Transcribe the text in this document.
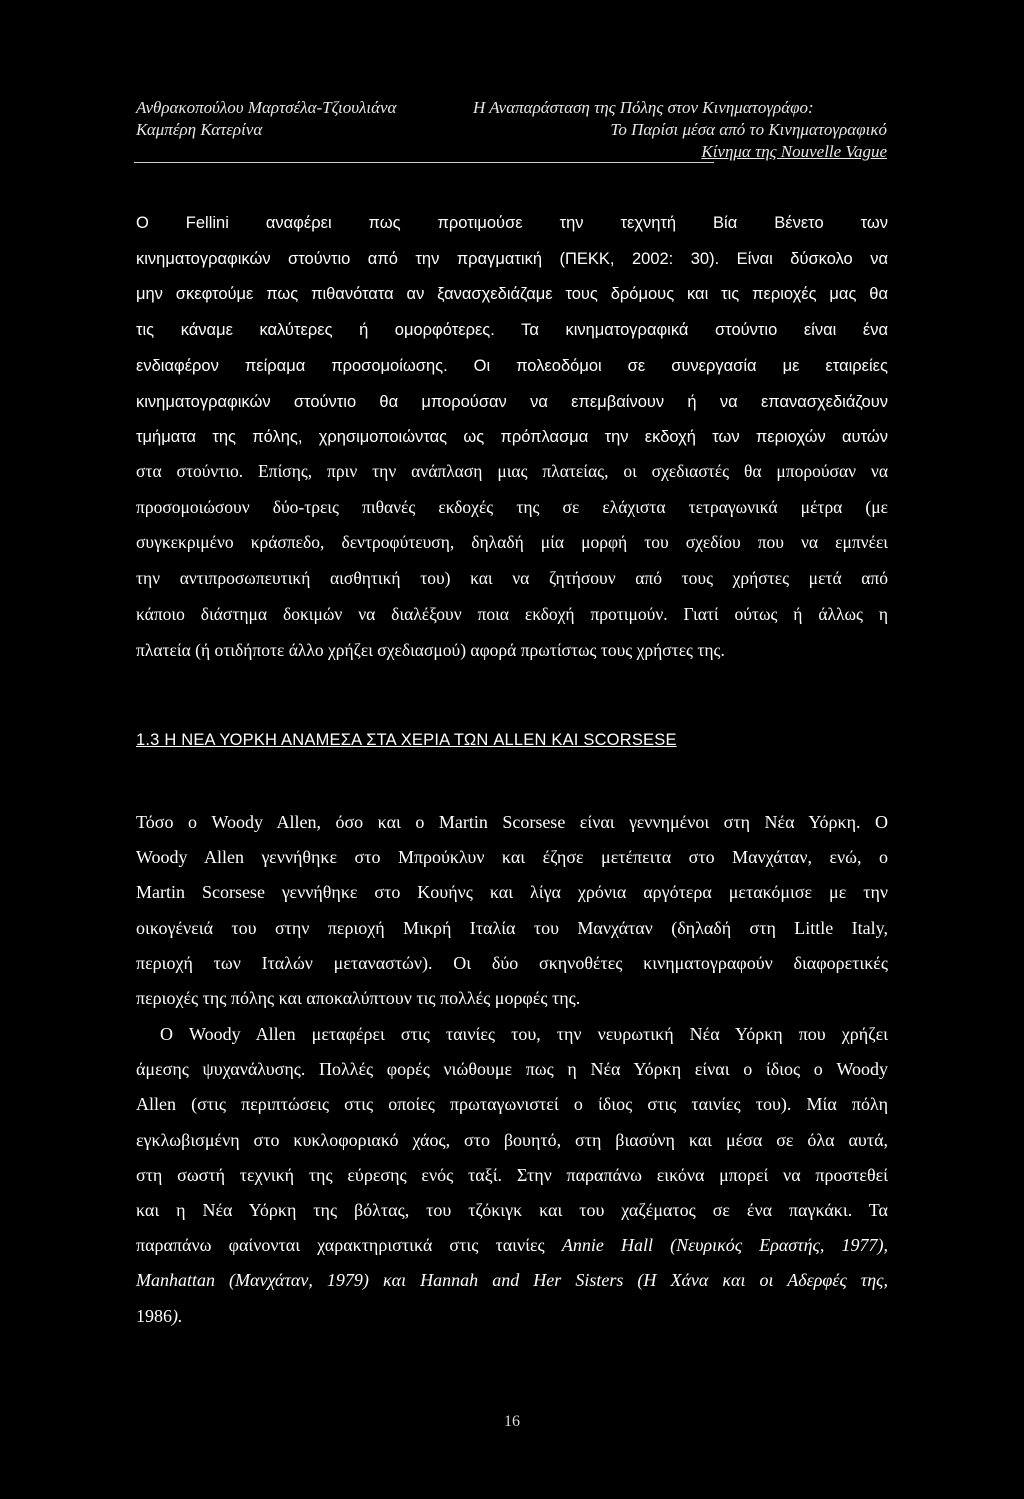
Ανθρακοπούλου Μαρτσέλα-Τζιουλιάνα
Καμπέρη Κατερίνα
Η Αναπαράσταση της Πόλης στον Κινηματογράφο:
Το Παρίσι μέσα από το Κινηματογραφικό
Κίνημα της Nouvelle Vague
Ο Fellini αναφέρει πως προτιμούσε την τεχνητή Βία Βένετο των
κινηματογραφικών στούντιο από την πραγματική (ΠΕΚΚ, 2002: 30). Είναι δύσκολο να
μην σκεφτούμε πως πιθανότατα αν ξανασχεδιάζαμε τους δρόμους και τις περιοχές μας θα
τις κάναμε καλύτερες ή ομορφότερες. Τα κινηματογραφικά στούντιο είναι ένα
ενδιαφέρον πείραμα προσομοίωσης. Οι πολεοδόμοι σε συνεργασία με εταιρείες
κινηματογραφικών στούντιο θα μπορούσαν να επεμβαίνουν ή να επανασχεδιάζουν
τμήματα της πόλης, χρησιμοποιώντας ως πρόπλασμα την εκδοχή των περιοχών αυτών
στα στούντιο. Επίσης, πριν την ανάπλαση μιας πλατείας, οι σχεδιαστές θα μπορούσαν να
προσομοιώσουν δύο-τρεις πιθανές εκδοχές της σε ελάχιστα τετραγωνικά μέτρα (με
συγκεκριμένο κράσπεδο, δεντροφύτευση, δηλαδή μία μορφή του σχεδίου που να εμπνέει
την αντιπροσωπευτική αισθητική του) και να ζητήσουν από τους χρήστες μετά από
κάποιο διάστημα δοκιμών να διαλέξουν ποια εκδοχή προτιμούν. Γιατί ούτως ή άλλως η
πλατεία (ή οτιδήποτε άλλο χρήζει σχεδιασμού) αφορά πρωτίστως τους χρήστες της.
1.3 Η ΝΕΑ ΥΟΡΚΗ ΑΝΑΜΕΣΑ ΣΤΑ ΧΕΡΙΑ ΤΩΝ ALLEN ΚΑΙ SCORSESE
Τόσο ο Woody Allen, όσο και ο Martin Scorsese είναι γεννημένοι στη Νέα Υόρκη. Ο
Woody Allen γεννήθηκε στο Μπρούκλυν και έζησε μετέπειτα στο Μανχάταν, ενώ, ο
Martin Scorsese γεννήθηκε στο Κουήνς και λίγα χρόνια αργότερα μετακόμισε με την
οικογένειά του στην περιοχή Μικρή Ιταλία του Μανχάταν (δηλαδή στη Little Italy,
περιοχή των Ιταλών μεταναστών). Οι δύο σκηνοθέτες κινηματογραφούν διαφορετικές
περιοχές της πόλης και αποκαλύπτουν τις πολλές μορφές της.
Ο Woody Allen μεταφέρει στις ταινίες του, την νευρωτική Νέα Υόρκη που χρήζει
άμεσης ψυχανάλυσης. Πολλές φορές νιώθουμε πως η Νέα Υόρκη είναι ο ίδιος ο Woody
Allen (στις περιπτώσεις στις οποίες πρωταγωνιστεί ο ίδιος στις ταινίες του). Μία πόλη
εγκλωβισμένη στο κυκλοφοριακό χάος, στο βουητό, στη βιασύνη και μέσα σε όλα αυτά,
στη σωστή τεχνική της εύρεσης ενός ταξί. Στην παραπάνω εικόνα μπορεί να προστεθεί
και η Νέα Υόρκη της βόλτας, του τζόκιγκ και του χαζέματος σε ένα παγκάκι. Τα
παραπάνω φαίνονται χαρακτηριστικά στις ταινίες Annie Hall (Νευρικός Εραστής, 1977),
Manhattan (Μανχάταν, 1979) και Hannah and Her Sisters (Η Χάνα και οι Αδερφές της,
1986).
16
